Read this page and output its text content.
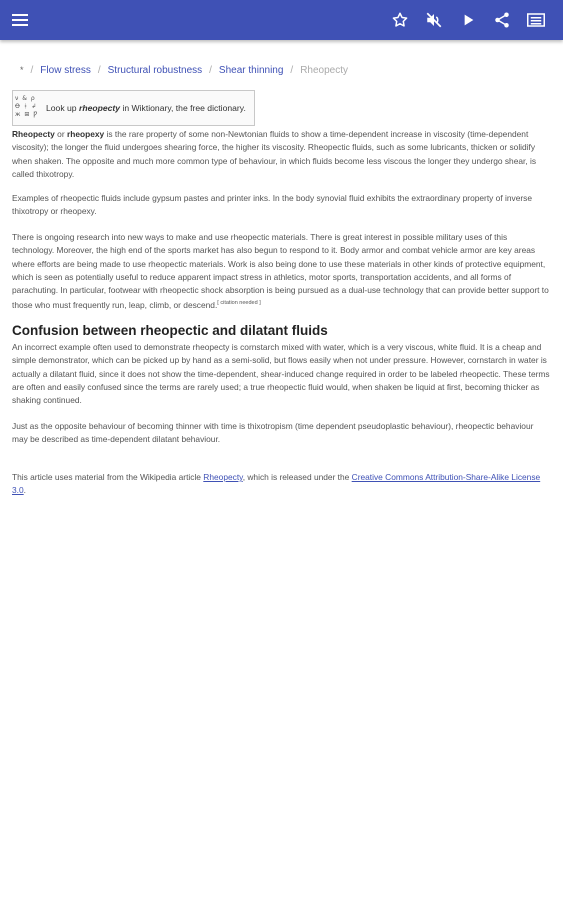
* / Flow stress / Structural robustness / Shear thinning / Rheopecty
ν & ρ
Ꝋ ᚼ ↲
ж ⊞ Ƿ
Look up rheopecty in Wiktionary, the free dictionary.

Rheopecty or rheopexy is the rare property of some non-Newtonian fluids to show a time-dependent increase in viscosity (time-dependent viscosity); the longer the fluid undergoes shearing force, the higher its viscosity. Rheopectic fluids, such as some lubricants, thicken or solidify when shaken. The opposite and much more common type of behaviour, in which fluids become less viscous the longer they undergo shear, is called thixotropy.

Examples of rheopectic fluids include gypsum pastes and printer inks. In the body synovial fluid exhibits the extraordinary property of inverse thixotropy or rheopexy.

There is ongoing research into new ways to make and use rheopectic materials. There is great interest in possible military uses of this technology. Moreover, the high end of the sports market has also begun to respond to it. Body armor and combat vehicle armor are key areas where efforts are being made to use rheopectic materials. Work is also being done to use these materials in other kinds of protective equipment, which is seen as potentially useful to reduce apparent impact stress in athletics, motor sports, transportation accidents, and all forms of parachuting. In particular, footwear with rheopectic shock absorption is being pursued as a dual-use technology that can provide better support to those who must frequently run, leap, climb, or descend.[ citation needed ]

Confusion between rheopectic and dilatant fluids

An incorrect example often used to demonstrate rheopecty is cornstarch mixed with water, which is a very viscous, white fluid. It is a cheap and simple demonstrator, which can be picked up by hand as a semi-solid, but flows easily when not under pressure. However, cornstarch in water is actually a dilatant fluid, since it does not show the time-dependent, shear-induced change required in order to be labeled rheopectic. These terms are often and easily confused since the terms are rarely used; a true rheopectic fluid would, when shaken be liquid at first, becoming thicker as shaking continued.

Just as the opposite behaviour of becoming thinner with time is thixotropism (time dependent pseudoplastic behaviour), rheopectic behaviour may be described as time-dependent dilatant behaviour.

This article uses material from the Wikipedia article Rheopecty, which is released under the Creative Commons Attribution-Share-Alike License 3.0.
